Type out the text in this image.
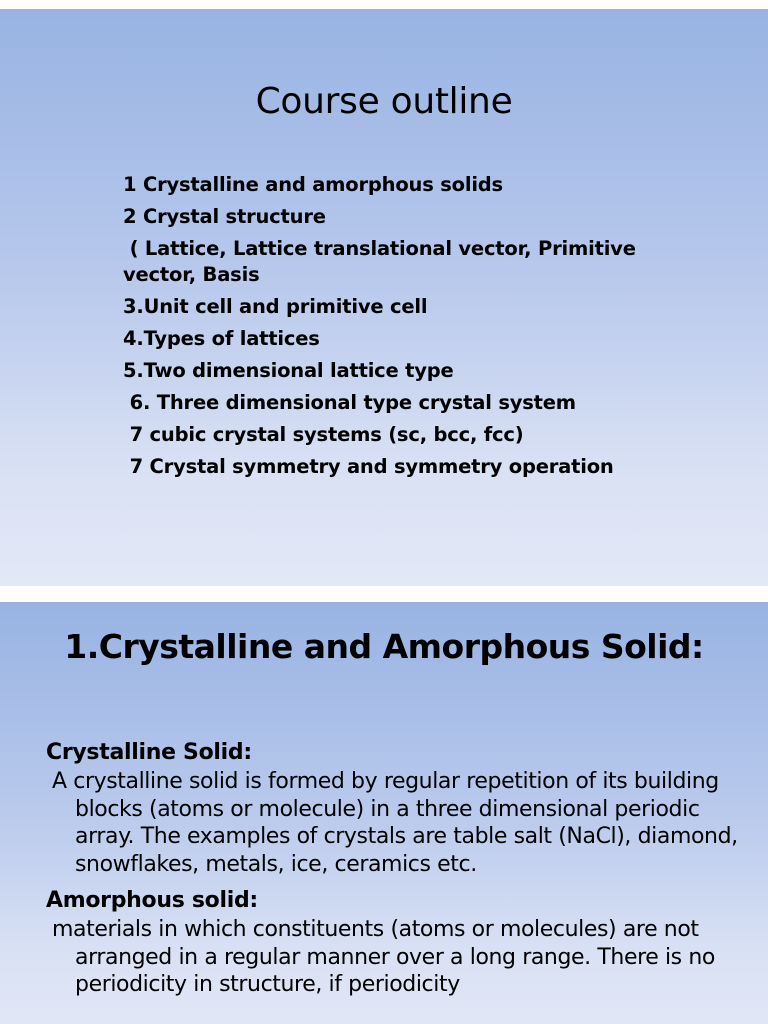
Course outline
1 Crystalline and amorphous solids
2 Crystal structure
( Lattice, Lattice translational vector, Primitive vector, Basis
3.Unit cell and primitive cell
4.Types of lattices
5.Two dimensional lattice type
6. Three dimensional type crystal system
7 cubic crystal systems (sc, bcc, fcc)
7 Crystal symmetry and symmetry operation
1.Crystalline and Amorphous Solid:

Crystalline Solid:

A crystalline solid is formed by regular repetition of its building blocks (atoms or molecule) in a three dimensional periodic array. The examples of crystals are table salt (NaCl), diamond, snowflakes, metals, ice, ceramics etc.

Amorphous solid:

materials in which constituents (atoms or molecules) are not arranged in a regular manner over a long range. There is no periodicity in structure, if periodicity
